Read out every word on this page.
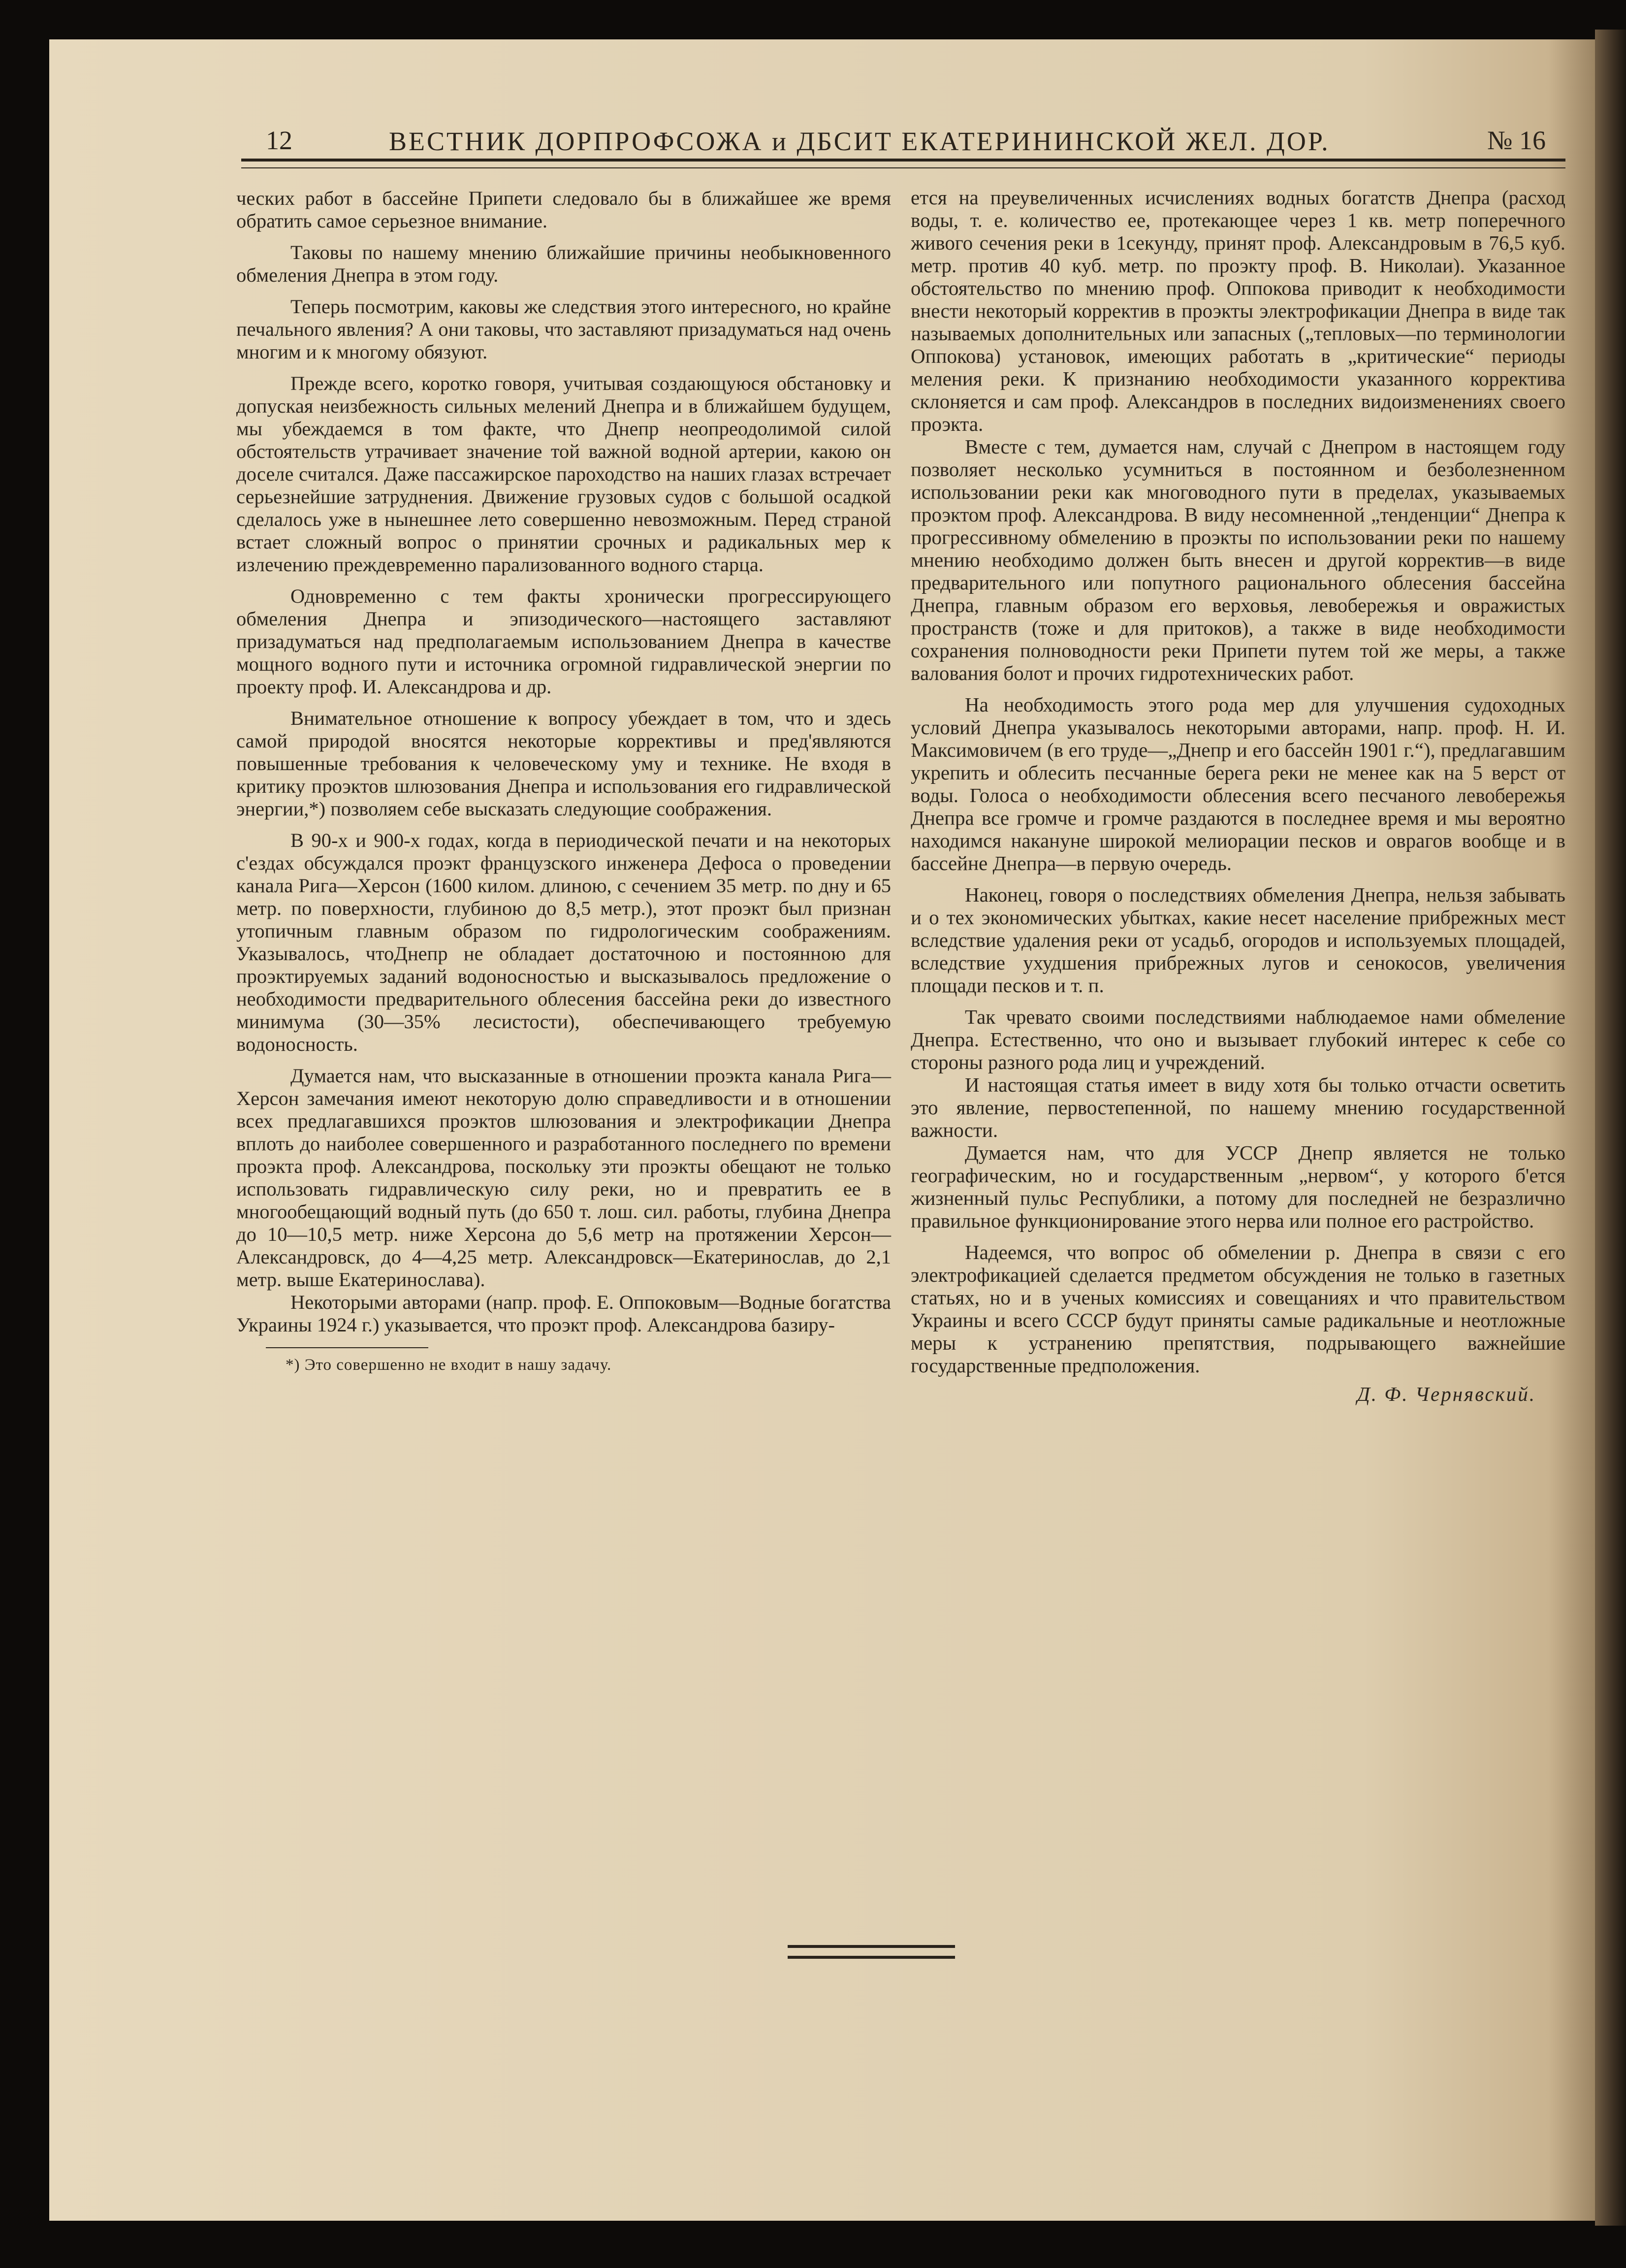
12	ВЕСТНИК ДОРПРОФСОЖА и ДБСИТ ЕКАТЕРИНИНСКОЙ ЖЕЛ. ДОР.	№ 16

ческих работ в бассейне Припети следовало бы в ближайшее же время обратить самое серьезное внимание.

Таковы по нашему мнению ближайшие причины необыкновенного обмеления Днепра в этом году.

Теперь посмотрим, каковы же следствия этого интересного, но крайне печального явления? А они таковы, что заставляют призадуматься над очень многим и к многому обязуют.

Прежде всего, коротко говоря, учитывая создающуюся обстановку и допуская неизбежность сильных мелений Днепра и в ближайшем будущем, мы убеждаемся в том факте, что Днепр неопреодолимой силой обстоятельств утрачивает значение той важной водной артерии, какою он доселе считался. Даже пассажирское пароходство на наших глазах встречает серьезнейшие затруднения. Движение грузовых судов с большой осадкой сделалось уже в нынешнее лето совершенно невозможным. Перед страной встает сложный вопрос о принятии срочных и радикальных мер к излечению преждевременно парализованного водного старца.

Одновременно с тем факты хронически прогрессирующего обмеления Днепра и эпизодического—настоящего заставляют призадуматься над предполагаемым использованием Днепра в качестве мощного водного пути и источника огромной гидравлической энергии по проекту проф. И. Александрова и др.

Внимательное отношение к вопросу убеждает в том, что и здесь самой природой вносятся некоторые коррективы и пред'являются повышенные требования к человеческому уму и технике. Не входя в критику проэктов шлюзования Днепра и использования его гидравлической энергии,*) позволяем себе высказать следующие соображения.

В 90-х и 900-х годах, когда в периодической печати и на некоторых с'ездах обсуждался проэкт французского инженера Дефоса о проведении канала Рига—Херсон (1600 килом. длиною, с сечением 35 метр. по дну и 65 метр. по поверхности, глубиною до 8,5 метр.), этот проэкт был признан утопичным главным образом по гидрологическим соображениям. Указывалось, чтоДнепр не обладает достаточною и постоянною для проэктируемых заданий водоносностью и высказывалось предложение о необходимости предварительного облесения бассейна реки до известного минимума (30—35% лесистости), обеспечивающего требуемую водоносность.

Думается нам, что высказанные в отношении проэкта канала Рига—Херсон замечания имеют некоторую долю справедливости и в отношении всех предлагавшихся проэктов шлюзования и электрофикации Днепра вплоть до наиболее совершенного и разработанного последнего по времени проэкта проф. Александрова, поскольку эти проэкты обещают не только использовать гидравлическую силу реки, но и превратить ее в многообещающий водный путь (до 650 т. лош. сил. работы, глубина Днепра до 10—10,5 метр. ниже Херсона до 5,6 метр на протяжении Херсон—Александровск, до 4—4,25 метр. Александровск—Екатеринослав, до 2,1 метр. выше Екатеринослава).

Некоторыми авторами (напр. проф. Е. Оппоковым—Водные богатства Украины 1924 г.) указывается, что проэкт проф. Александрова базиру-

*) Это совершенно не входит в нашу задачу.

ется на преувеличенных исчислениях водных богатств Днепра (расход воды, т. е. количество ее, протекающее через 1 кв. метр поперечного живого сечения реки в 1секунду, принят проф. Александровым в 76,5 куб. метр. против 40 куб. метр. по проэкту проф. В. Николаи). Указанное обстоятельство по мнению проф. Оппокова приводит к необходимости внести некоторый корректив в проэкты электрофикации Днепра в виде так называемых дополнительных или запасных („тепловых—по терминологии Оппокова) установок, имеющих работать в „критические“ периоды меления реки. К признанию необходимости указанного корректива склоняется и сам проф. Александров в последних видоизменениях своего проэкта.

Вместе с тем, думается нам, случай с Днепром в настоящем году позволяет несколько усумниться в постоянном и безболезненном использовании реки как многоводного пути в пределах, указываемых проэктом проф. Александрова. В виду несомненной „тенденции“ Днепра к прогрессивному обмелению в проэкты по использовании реки по нашему мнению необходимо должен быть внесен и другой корректив—в виде предварительного или попутного рационального облесения бассейна Днепра, главным образом его верховья, левобережья и овражистых пространств (тоже и для притоков), а также в виде необходимости сохранения полноводности реки Припети путем той же меры, а также валования болот и прочих гидротехнических работ.

На необходимость этого рода мер для улучшения судоходных условий Днепра указывалось некоторыми авторами, напр. проф. Н. И. Максимовичем (в его труде—„Днепр и его бассейн 1901 г.“), предлагавшим укрепить и облесить песчанные берега реки не менее как на 5 верст от воды. Голоса о необходимости облесения всего песчаного левобережья Днепра все громче и громче раздаются в последнее время и мы вероятно находимся накануне широкой мелиорации песков и оврагов вообще и в бассейне Днепра—в первую очередь.

Наконец, говоря о последствиях обмеления Днепра, нельзя забывать и о тех экономических убытках, какие несет население прибрежных мест вследствие удаления реки от усадьб, огородов и используемых площадей, вследствие ухудшения прибрежных лугов и сенокосов, увеличения площади песков и т. п.

Так чревато своими последствиями наблюдаемое нами обмеление Днепра. Естественно, что оно и вызывает глубокий интерес к себе со стороны разного рода лиц и учреждений.

И настоящая статья имеет в виду хотя бы только отчасти осветить это явление, первостепенной, по нашему мнению государственной важности.

Думается нам, что для УССР Днепр является не только географическим, но и государственным „нервом“, у которого б'ется жизненный пульс Республики, а потому для последней не безразлично правильное функционирование этого нерва или полное его растройство.

Надеемся, что вопрос об обмелении р. Днепра в связи с его электрофикацией сделается предметом обсуждения не только в газетных статьях, но и в ученых комиссиях и совещаниях и что правительством Украины и всего СССР будут приняты самые радикальные и неотложные меры к устранению препятствия, подрывающего важнейшие государственные предположения.

Д. Ф. Чернявский.
